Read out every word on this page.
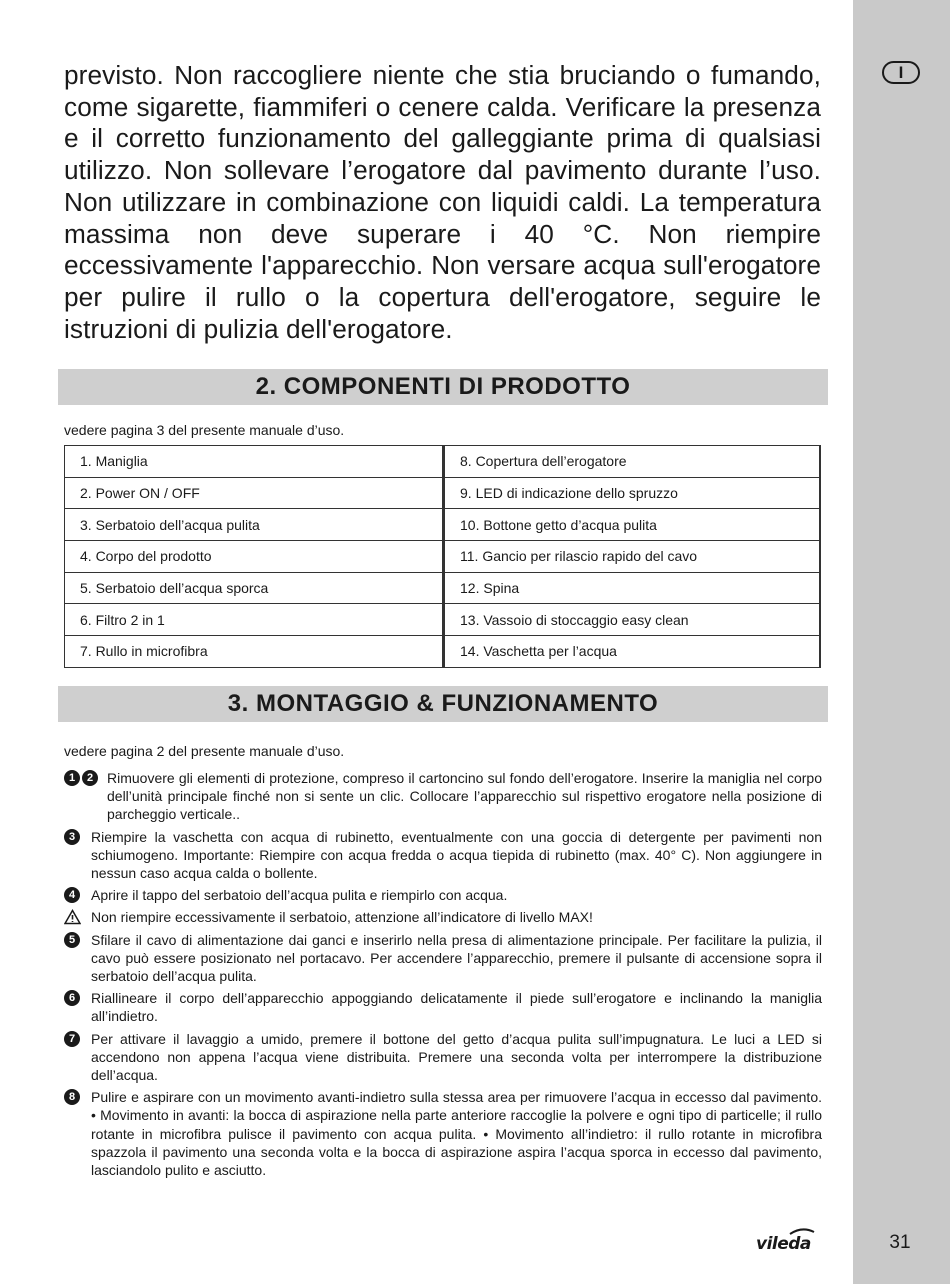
I
31

previsto. Non raccogliere niente che stia bruciando o fumando, come sigarette, fiammiferi o cenere calda. Verificare la presenza e il corretto funzionamento del galleggiante prima di qualsiasi utilizzo. Non sollevare l’erogatore dal pavimento durante l’uso. Non utilizzare in combinazione con liquidi caldi. La temperatura massima non deve superare i 40 °C. Non riempire eccessivamente l'apparecchio. Non versare acqua sull'erogatore per pulire il rullo o la copertura dell'erogatore, seguire le istruzioni di pulizia dell'erogatore.

2. COMPONENTI DI PRODOTTO

vedere pagina 3 del presente manuale d’uso.

1. Maniglia	8. Copertura dell’erogatore
2. Power ON / OFF	9. LED di indicazione dello spruzzo
3. Serbatoio dell’acqua pulita	10. Bottone getto d’acqua pulita
4. Corpo del prodotto	11. Gancio per rilascio rapido del cavo
5. Serbatoio dell’acqua sporca	12. Spina
6. Filtro 2 in 1	13. Vassoio di stoccaggio easy clean
7. Rullo in microfibra	14. Vaschetta per l’acqua
3. MONTAGGIO & FUNZIONAMENTO

vedere pagina 2 del presente manuale d’uso.

1	2 Rimuovere gli elementi di protezione, compreso il cartoncino sul fondo dell’erogatore. Inserire la maniglia nel corpo dell’unità principale finché non si sente un clic. Collocare l’apparecchio sul rispettivo erogatore nella posizione di parcheggio verticale..
3	Riempire la vaschetta con acqua di rubinetto, eventualmente con una goccia di detergente per pavimenti non schiumogeno. Importante: Riempire con acqua fredda o acqua tiepida di rubinetto (max. 40° C). Non aggiungere in nessun caso acqua calda o bollente.
4	Aprire il tappo del serbatoio dell’acqua pulita e riempirlo con acqua.
Non riempire eccessivamente il serbatoio, attenzione all’indicatore di livello MAX!
5	Sfilare il cavo di alimentazione dai ganci e inserirlo nella presa di alimentazione principale. Per facilitare la pulizia, il cavo può essere posizionato nel portacavo. Per accendere l’apparecchio, premere il pulsante di accensione sopra il serbatoio dell’acqua pulita.
6	Riallineare il corpo dell’apparecchio appoggiando delicatamente il piede sull’erogatore e inclinando la maniglia all’indietro.
7	Per attivare il lavaggio a umido, premere il bottone del getto d’acqua pulita sull’impugnatura. Le luci a LED si accendono non appena l’acqua viene distribuita. Premere una seconda volta per interrompere la distribuzione dell’acqua.
8	Pulire e aspirare con un movimento avanti-indietro sulla stessa area per rimuovere l’acqua in eccesso dal pavimento. • Movimento in avanti: la bocca di aspirazione nella parte anteriore raccoglie la polvere e ogni tipo di particelle; il rullo rotante in microfibra pulisce il pavimento con acqua pulita. • Movimento all’indietro: il rullo rotante in microfibra spazzola il pavimento una seconda volta e la bocca di aspirazione aspira l’acqua sporca in eccesso dal pavimento, lasciandolo pulito e asciutto.
vileda
